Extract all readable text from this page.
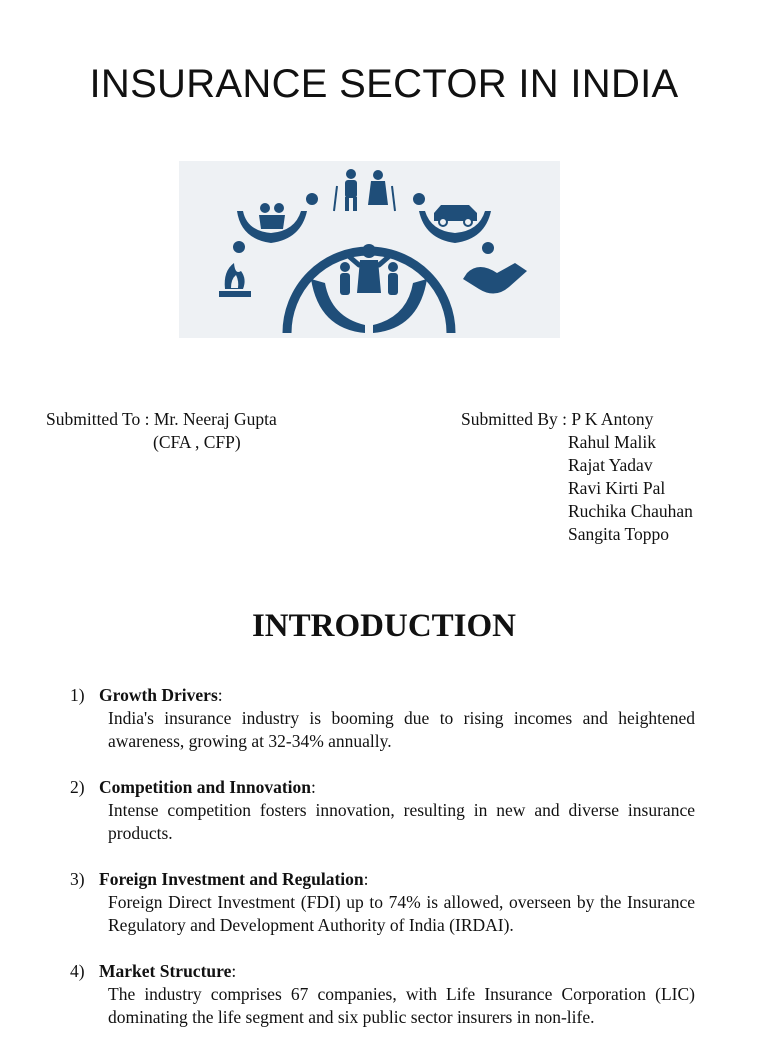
INSURANCE SECTOR IN INDIA
Submitted To : Mr. Neeraj Gupta
(CFA , CFP)
Submitted By : P K Antony
Rahul Malik
Rajat Yadav
Ravi Kirti Pal
Ruchika Chauhan
Sangita Toppo
INTRODUCTION
1) Growth Drivers:
India's insurance industry is booming due to rising incomes and heightened awareness, growing at 32-34% annually.
2) Competition and Innovation:
Intense competition fosters innovation, resulting in new and diverse insurance products.
3) Foreign Investment and Regulation:
Foreign Direct Investment (FDI) up to 74% is allowed, overseen by the Insurance Regulatory and Development Authority of India (IRDAI).
4) Market Structure:
The industry comprises 67 companies, with Life Insurance Corporation (LIC) dominating the life segment and six public sector insurers in non-life.
